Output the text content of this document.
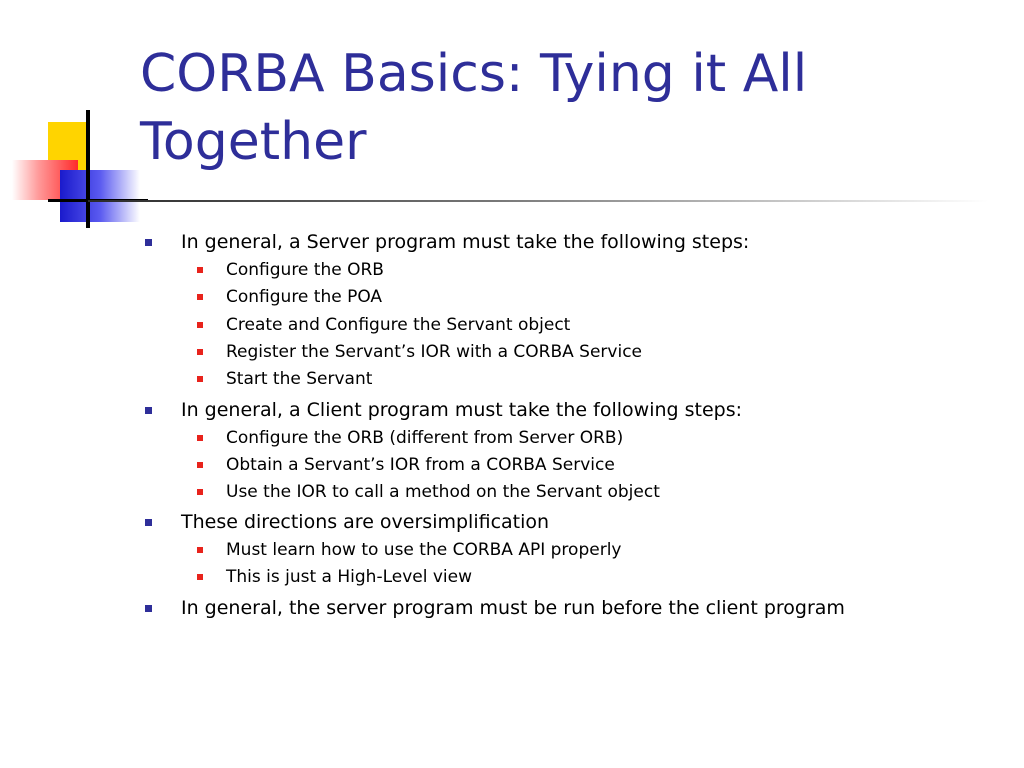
CORBA Basics: Tying it All
Together
In general, a Server program must take the following steps:
Configure the ORB
Configure the POA
Create and Configure the Servant object
Register the Servant’s IOR with a CORBA Service
Start the Servant
In general, a Client program must take the following steps:
Configure the ORB (different from Server ORB)
Obtain a Servant’s IOR from a CORBA Service
Use the IOR to call a method on the Servant object
These directions are oversimplification
Must learn how to use the CORBA API properly
This is just a High-Level view
In general, the server program must be run before the client program
